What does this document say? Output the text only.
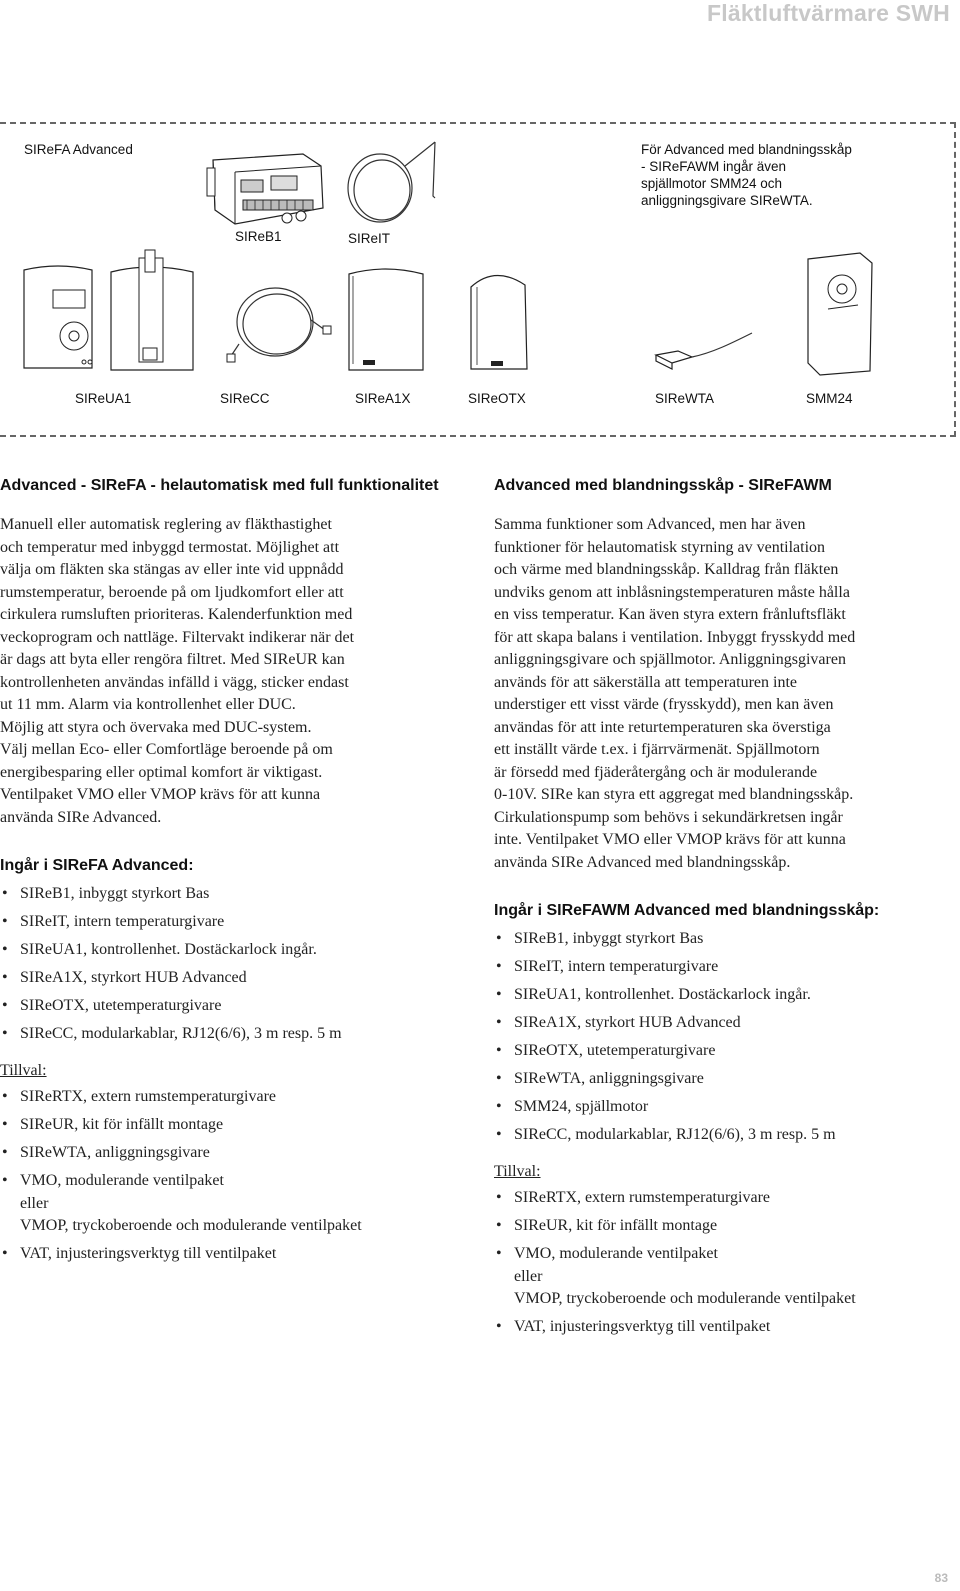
Fläktluftvärmare SWH
SIReFA Advanced	För Advanced med blandningsskåp
- SIReFAWM ingår även
spjällmotor SMM24 och
anliggningsgivare SIReWTA.
SIReB1	SIReIT
SIReUA1	SIReCC	SIReA1X	SIReOTX	SIReWTA	SMM24
Advanced - SIReFA - helautomatisk med full funktionalitet
Manuell eller automatisk reglering av fläkthastighet
och temperatur med inbyggd termostat. Möjlighet att
välja om fläkten ska stängas av eller inte vid uppnådd
rumstemperatur, beroende på om ljudkomfort eller att
cirkulera rumsluften prioriteras. Kalenderfunktion med
veckoprogram och nattläge. Filtervakt indikerar när det
är dags att byta eller rengöra filtret. Med SIReUR kan
kontrollenheten användas infälld i vägg, sticker endast
ut 11 mm. Alarm via kontrollenhet eller DUC.
Möjlig att styra och övervaka med DUC-system.
Välj mellan Eco- eller Comfortläge beroende på om
energibesparing eller optimal komfort är viktigast.
Ventilpaket VMO eller VMOP krävs för att kunna
använda SIRe Advanced.
Ingår i SIReFA Advanced:
• SIReB1, inbyggt styrkort Bas
• SIReIT, intern temperaturgivare
• SIReUA1, kontrollenhet. Dostäckarlock ingår.
• SIReA1X, styrkort HUB Advanced
• SIReOTX, utetemperaturgivare
• SIReCC, modularkablar, RJ12(6/6), 3 m resp. 5 m
Tillval:
• SIReRTX, extern rumstemperaturgivare
• SIReUR, kit för infällt montage
• SIReWTA, anliggningsgivare
• VMO, modulerande ventilpaket
eller
VMOP, tryckoberoende och modulerande ventilpaket
• VAT, injusteringsverktyg till ventilpaket
Advanced med blandningsskåp - SIReFAWM
Samma funktioner som Advanced, men har även
funktioner för helautomatisk styrning av ventilation
och värme med blandningsskåp. Kalldrag från fläkten
undviks genom att inblåsningstemperaturen måste hålla
en viss temperatur. Kan även styra extern frånluftsfläkt
för att skapa balans i ventilation. Inbyggt frysskydd med
anliggningsgivare och spjällmotor. Anliggningsgivaren
används för att säkerställa att temperaturen inte
understiger ett visst värde (frysskydd), men kan även
användas för att inte returtemperaturen ska överstiga
ett inställt värde t.ex. i fjärrvärmenät. Spjällmotorn
är försedd med fjäderåtergång och är modulerande
0-10V. SIRe kan styra ett aggregat med blandningsskåp.
Cirkulationspump som behövs i sekundärkretsen ingår
inte. Ventilpaket VMO eller VMOP krävs för att kunna
använda SIRe Advanced med blandningsskåp.
Ingår i SIReFAWM Advanced med blandningsskåp:
• SIReB1, inbyggt styrkort Bas
• SIReIT, intern temperaturgivare
• SIReUA1, kontrollenhet. Dostäckarlock ingår.
• SIReA1X, styrkort HUB Advanced
• SIReOTX, utetemperaturgivare
• SIReWTA, anliggningsgivare
• SMM24, spjällmotor
• SIReCC, modularkablar, RJ12(6/6), 3 m resp. 5 m
Tillval:
• SIReRTX, extern rumstemperaturgivare
• SIReUR, kit för infällt montage
• VMO, modulerande ventilpaket
eller
VMOP, tryckoberoende och modulerande ventilpaket
• VAT, injusteringsverktyg till ventilpaket
83
